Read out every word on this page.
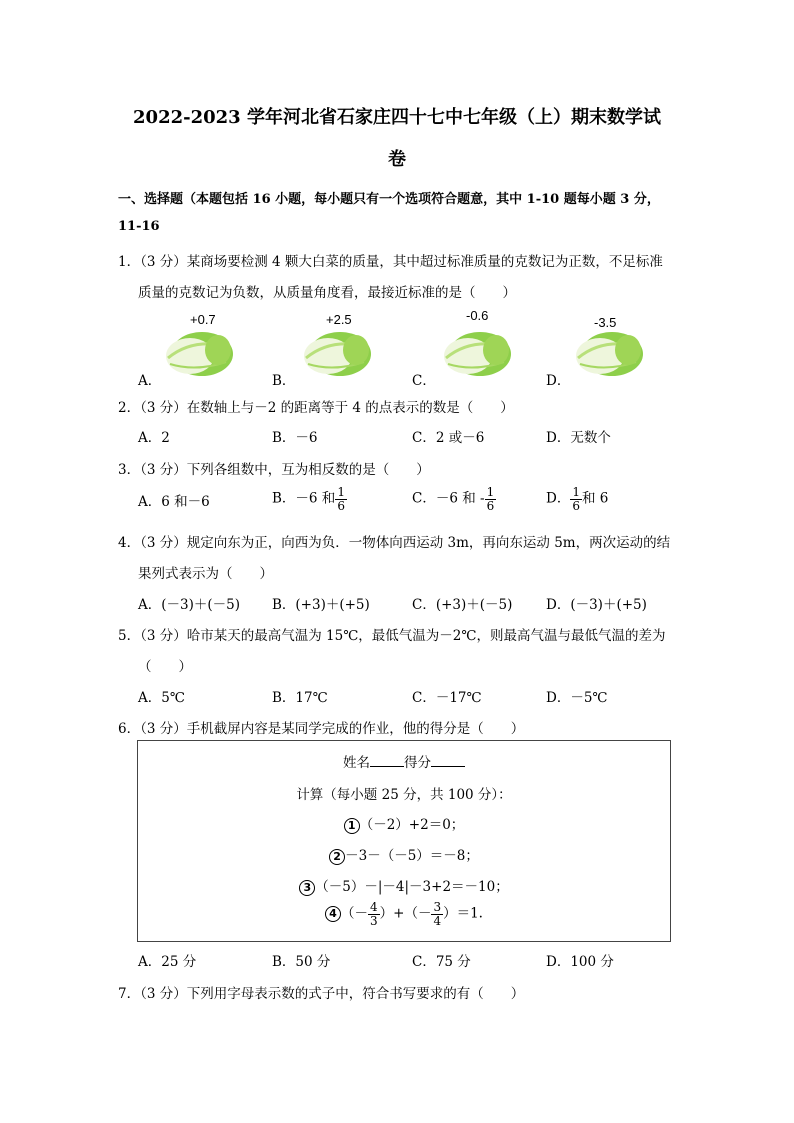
2022-2023 学年河北省石家庄四十七中七年级（上）期末数学试
卷
一、选择题（本题包括 16 小题，每小题只有一个选项符合题意，其中 1-10 题每小题 3 分，
11-16
1．（3 分）某商场要检测 4 颗大白菜的质量，其中超过标准质量的克数记为正数，不足标准
质量的克数记为负数，从质量角度看，最接近标准的是（　　）
+0.7	+2.5	-0.6	-3.5
A．	B．	C．	D．
2．（3 分）在数轴上与－2 的距离等于 4 的点表示的数是（　　）
A．2	B．－6	C．2 或－6	D．无数个
3．（3 分）下列各组数中，互为相反数的是（　　）
A．6 和－6	B．－6 和 $\frac{1}{6}$	C．－6 和 - $\frac{1}{6}$	D． $\frac{1}{6}$ 和 6
4．（3 分）规定向东为正，向西为负．一物体向西运动 3m，再向东运动 5m，两次运动的结
果列式表示为（　　）
A．(－3)＋(－5) B．(+3)＋(+5)	C．(+3)＋(－5) D．(－3)＋(+5)
5．（3 分）哈市某天的最高气温为 15℃，最低气温为－2℃，则最高气温与最低气温的差为
（　　）
A．5℃	B．17℃	C．－17℃	D．－5℃
6．（3 分）手机截屏内容是某同学完成的作业，他的得分是（　　）
姓名	得分
计算（每小题 25 分，共 100 分）：
1 （－2）+2＝0；
2 －3－（－5）＝－8；
3 （－5）－|－4|－3+2＝－10；
4 （－ $\frac{4}{3}$ ）+（－ $\frac{3}{4} )=1$.
A．25 分	B．50 分	C．75 分	D．100 分
7．（3 分）下列用字母表示数的式子中，符合书写要求的有（　　）
